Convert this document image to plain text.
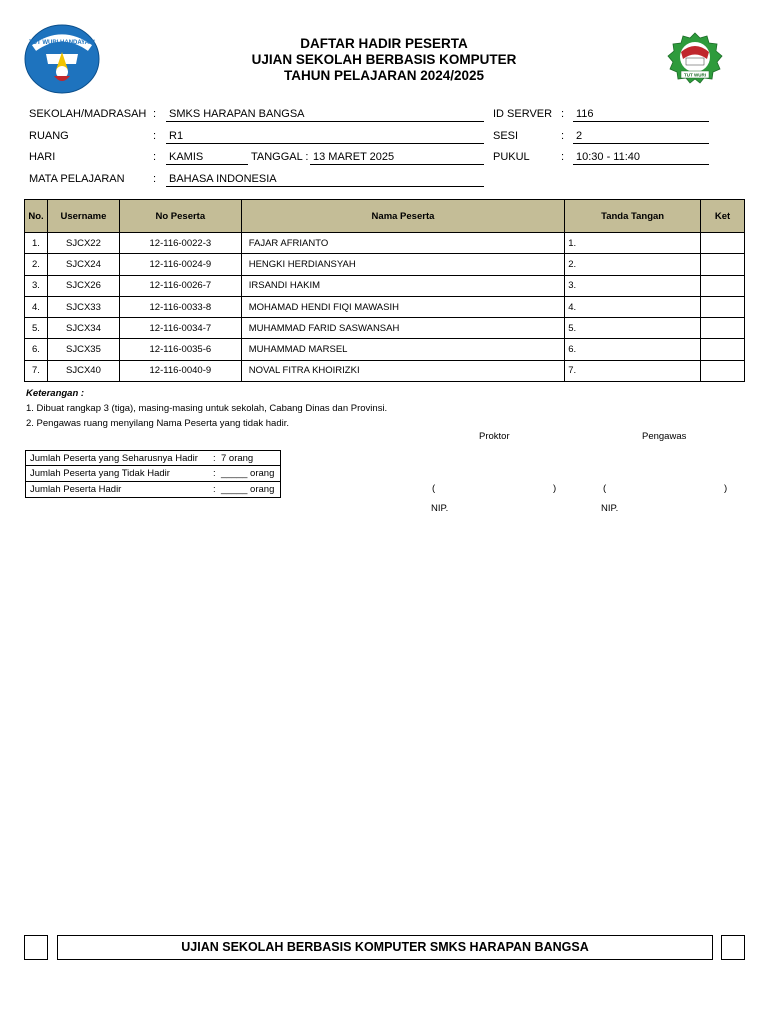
TUT WURI HANDAYANI
TUT WURI
DAFTAR HADIR PESERTA
UJIAN SEKOLAH BERBASIS KOMPUTER
TAHUN PELAJARAN 2024/2025
SEKOLAH/MADRASAH : SMKS HARAPAN BANGSA
RUANG	: R1
HARI	: KAMIS	TANGGAL : 13 MARET 2025
MATA PELAJARAN	: BAHASA INDONESIA
ID SERVER : 116
SESI	: 2
PUKUL	: 10:30 - 11:40
No.	Username	No Peserta	Nama Peserta	Tanda Tangan	Ket
1.	SJCX22	12-116-0022-3	FAJAR AFRIANTO	1.	
2.	SJCX24	12-116-0024-9	HENGKI HERDIANSYAH	2.	
3.	SJCX26	12-116-0026-7	IRSANDI HAKIM	3.	
4.	SJCX33	12-116-0033-8	MOHAMAD HENDI FIQI MAWASIH	4.	
5.	SJCX34	12-116-0034-7	MUHAMMAD FARID SASWANSAH	5.	
6.	SJCX35	12-116-0035-6	MUHAMMAD MARSEL	6.	
7.	SJCX40	12-116-0040-9	NOVAL FITRA KHOIRIZKI	7.	
Keterangan :
1. Dibuat rangkap 3 (tiga), masing-masing untuk sekolah, Cabang Dinas dan Provinsi.
2. Pengawas ruang menyilang Nama Peserta yang tidak hadir.
Jumlah Peserta yang Seharusnya Hadir : 7 orang
Jumlah Peserta yang Tidak Hadir	: _____ orang
Jumlah Peserta Hadir	: _____ orang
Proktor	Pengawas
(	)	(	)
NIP.	NIP.
UJIAN SEKOLAH BERBASIS KOMPUTER SMKS HARAPAN BANGSA
